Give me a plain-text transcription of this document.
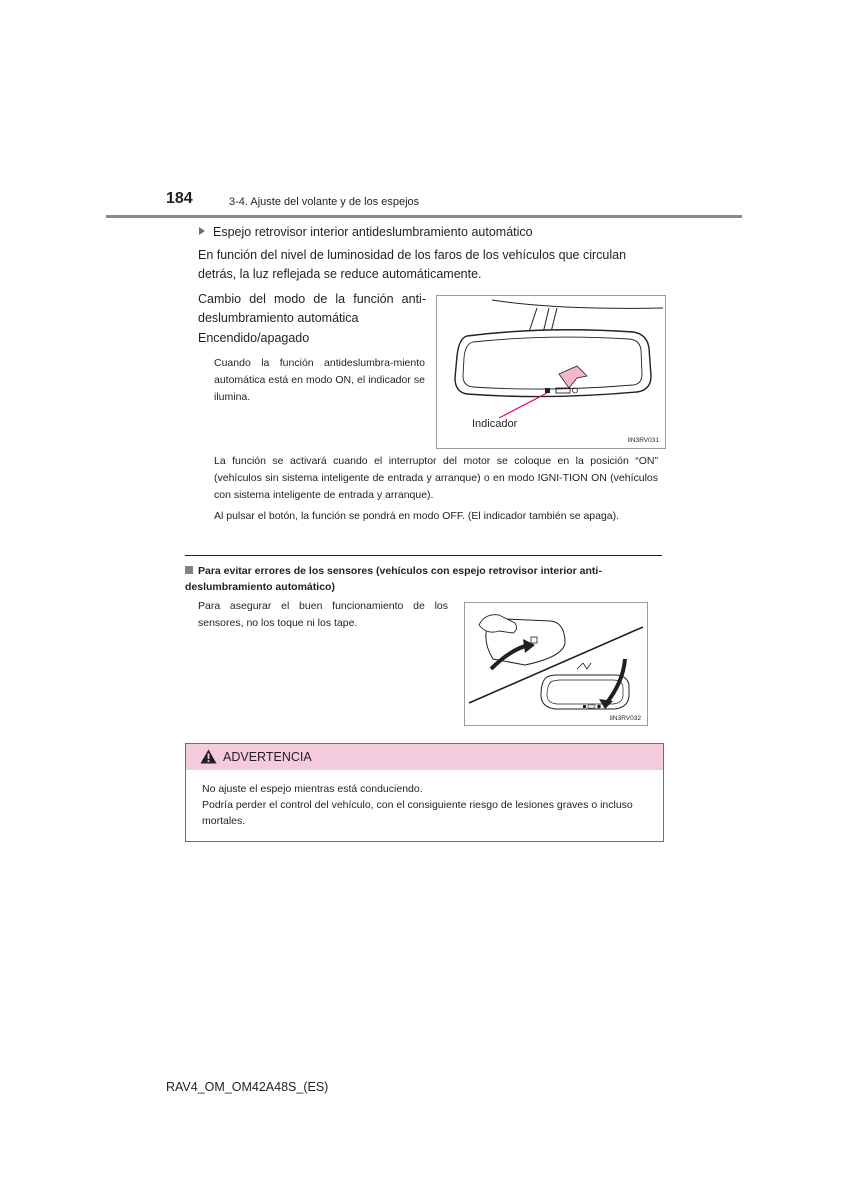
184	3-4. Ajuste del volante y de los espejos
Espejo retrovisor interior antideslumbramiento automático
En función del nivel de luminosidad de los faros de los vehículos que circulan detrás, la luz reflejada se reduce automáticamente.
Cambio del modo de la función anti-deslumbramiento automática
Encendido/apagado
Cuando la función antideslumbra-miento automática está en modo ON, el indicador se ilumina.
Indicador
IIN3RV031
La función se activará cuando el interruptor del motor se coloque en la posición “ON” (vehículos sin sistema inteligente de entrada y arranque) o en modo IGNI-TION ON (vehículos con sistema inteligente de entrada y arranque).
Al pulsar el botón, la función se pondrá en modo OFF. (El indicador también se apaga).
Para evitar errores de los sensores (vehículos con espejo retrovisor interior anti-deslumbramiento automático)
Para asegurar el buen funcionamiento de los sensores, no los toque ni los tape.
IIN3RV032
ADVERTENCIA
No ajuste el espejo mientras está conduciendo.
Podría perder el control del vehículo, con el consiguiente riesgo de lesiones graves o incluso mortales.
RAV4_OM_OM42A48S_(ES)
